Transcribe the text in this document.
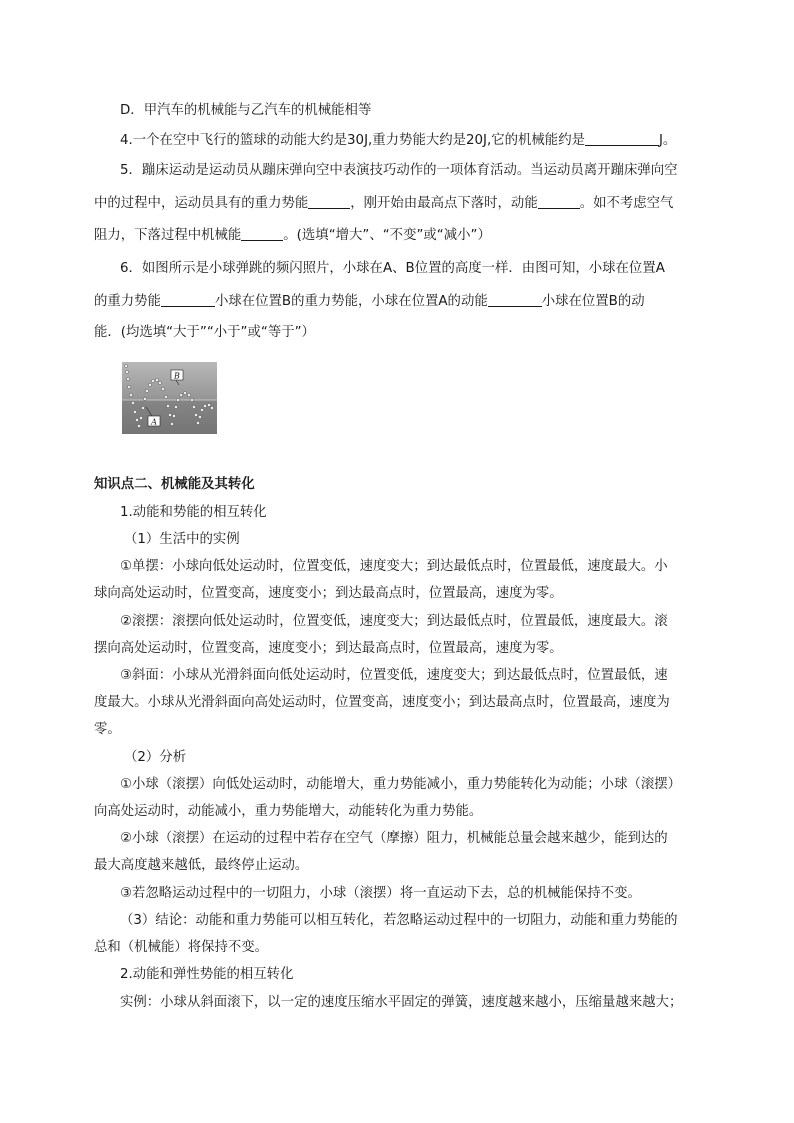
D．甲汽车的机械能与乙汽车的机械能相等
4.一个在空中飞行的篮球的动能大约是30J,重力势能大约是20J,它的机械能约是	J。
5．蹦床运动是运动员从蹦床弹向空中表演技巧动作的一项体育活动。当运动员离开蹦床弹向空
中的过程中，运动员具有的重力势能	，刚开始由最高点下落时，动能	。如不考虑空气
阻力，下落过程中机械能	。(选填“增大”、“不变”或“减小”）
6．如图所示是小球弹跳的频闪照片，小球在A、B位置的高度一样．由图可知，小球在位置A
的重力势能	小球在位置B的重力势能，小球在位置A的动能	小球在位置B的动
能．(均选填“大于”“小于”或“等于”）
B
A
知识点二、机械能及其转化
1.动能和势能的相互转化
（1）生活中的实例
①单摆：小球向低处运动时，位置变低，速度变大；到达最低点时，位置最低，速度最大。小
球向高处运动时，位置变高，速度变小；到达最高点时，位置最高，速度为零。
②滚摆：滚摆向低处运动时，位置变低，速度变大；到达最低点时，位置最低，速度最大。滚
摆向高处运动时，位置变高，速度变小；到达最高点时，位置最高，速度为零。
③斜面：小球从光滑斜面向低处运动时，位置变低，速度变大；到达最低点时，位置最低，速
度最大。小球从光滑斜面向高处运动时，位置变高，速度变小；到达最高点时，位置最高，速度为
零。
（2）分析
①小球（滚摆）向低处运动时，动能增大，重力势能减小，重力势能转化为动能；小球（滚摆）
向高处运动时，动能减小，重力势能增大，动能转化为重力势能。
②小球（滚摆）在运动的过程中若存在空气（摩擦）阻力，机械能总量会越来越少，能到达的
最大高度越来越低，最终停止运动。
③若忽略运动过程中的一切阻力，小球（滚摆）将一直运动下去，总的机械能保持不变。
（3）结论：动能和重力势能可以相互转化，若忽略运动过程中的一切阻力，动能和重力势能的
总和（机械能）将保持不变。
2.动能和弹性势能的相互转化
实例：小球从斜面滚下，以一定的速度压缩水平固定的弹簧，速度越来越小，压缩量越来越大；
